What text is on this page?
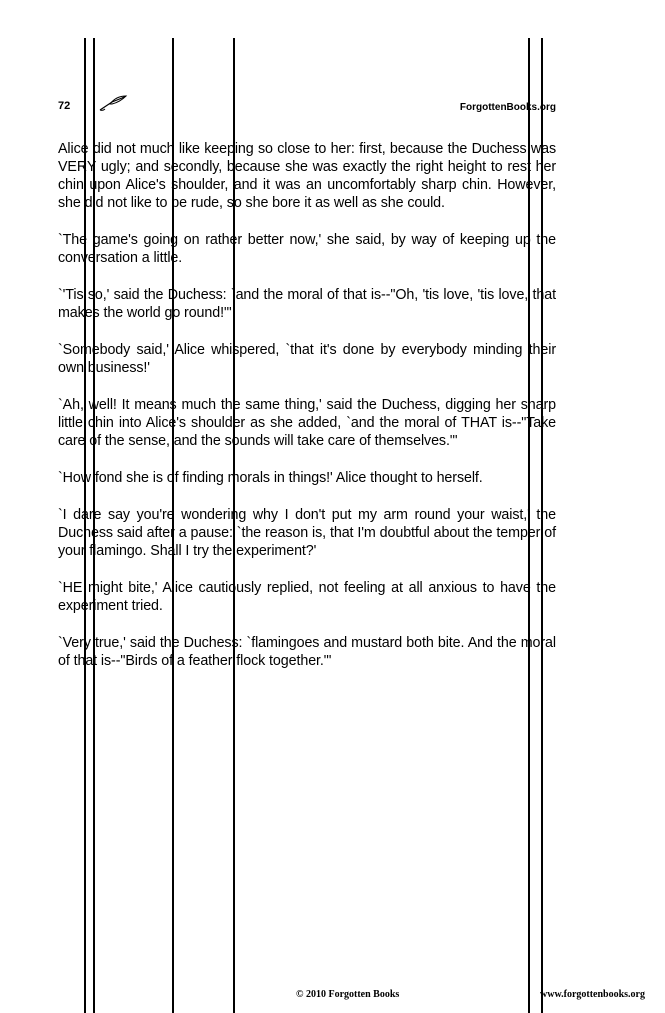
72	ForgottenBooks.org

Alice did not much like keeping so close to her: first, because the Duchess was VERY ugly; and secondly, because she was exactly the right height to rest her chin upon Alice's shoulder, and it was an uncomfortably sharp chin. However, she did not like to be rude, so she bore it as well as she could.

`The game's going on rather better now,' she said, by way of keeping up the conversation a little.

`'Tis so,' said the Duchess: `and the moral of that is--"Oh, 'tis love, 'tis love, that makes the world go round!"'

`Somebody said,' Alice whispered, `that it's done by everybody minding their own business!'

`Ah, well! It means much the same thing,' said the Duchess, digging her sharp little chin into Alice's shoulder as she added, `and the moral of THAT is--"Take care of the sense, and the sounds will take care of themselves."'

`How fond she is of finding morals in things!' Alice thought to herself.

`I dare say you're wondering why I don't put my arm round your waist,' the Duchess said after a pause: `the reason is, that I'm doubtful about the temper of your flamingo. Shall I try the experiment?'

`HE might bite,' Alice cautiously replied, not feeling at all anxious to have the experiment tried.

`Very true,' said the Duchess: `flamingoes and mustard both bite. And the moral of that is--"Birds of a feather flock together."'

© 2010 Forgotten Books	www.forgottenbooks.org
